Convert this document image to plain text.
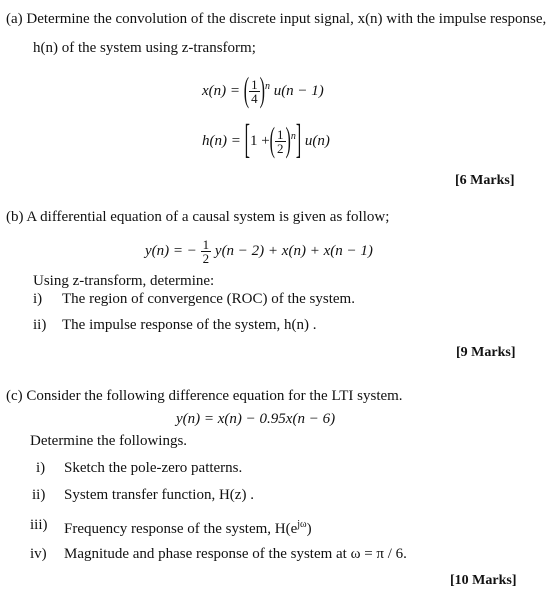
(a) Determine the convolution of the discrete input signal, x(n) with the impulse response,
h(n) of the system using z-transform;
x(n) = ( $\frac{1}{4} )^n$ u(n − 1)
h(n) = [1 +( $\frac{1}{2} )^n$] u(n)
[6 Marks]
(b) A differential equation of a causal system is given as follow;
y(n) = − $\frac{1}{2} y(n - 2) + x(n) + x(n - 1)$
Using z-transform, determine:
i) The region of convergence (ROC) of the system.
ii) The impulse response of the system, h(n) .
[9 Marks]
(c) Consider the following difference equation for the LTI system.
y(n) = x(n) − 0.95x(n − 6)
Determine the followings.
i) Sketch the pole-zero patterns.
ii) System transfer function, H(z) .
iii) Frequency response of the system, $H(e^{j\omega})$
iv) Magnitude and phase response of the system at ω = π / 6.
[10 Marks]
